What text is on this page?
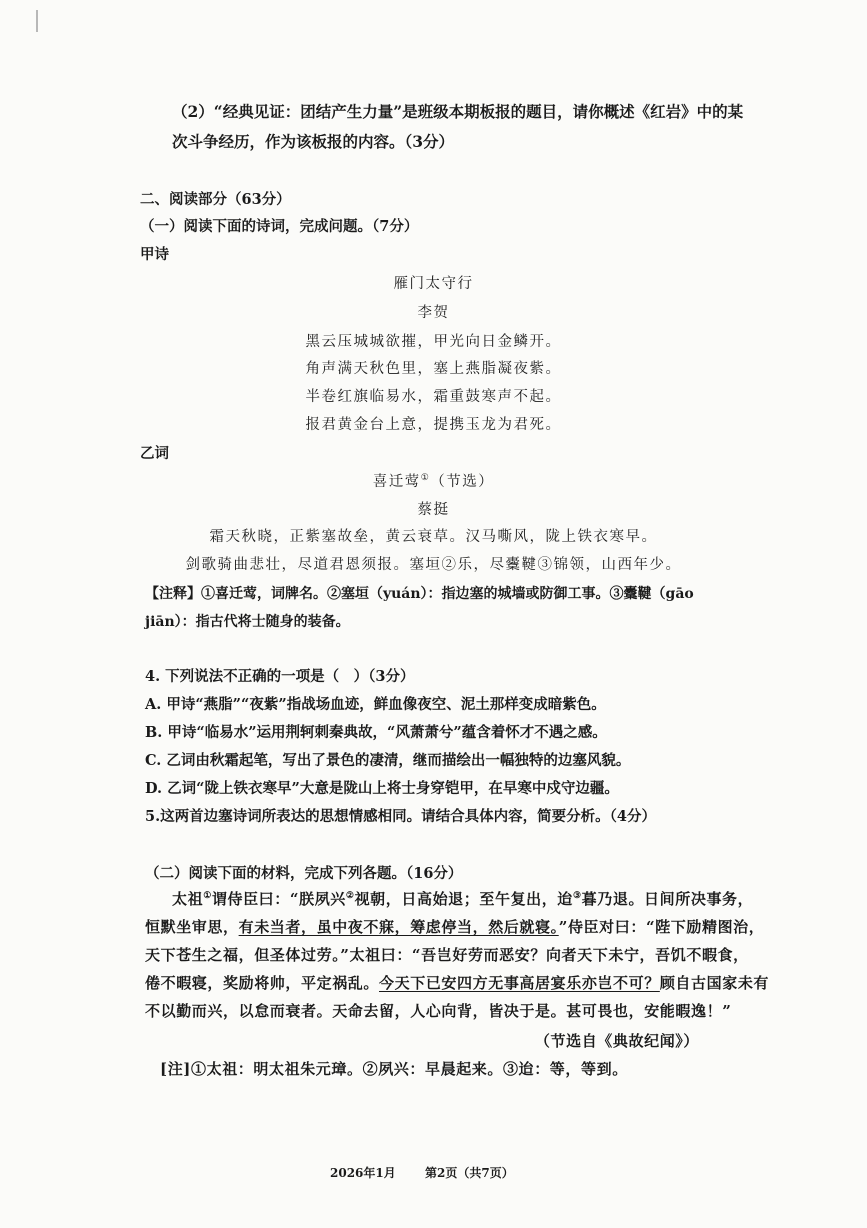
（2）“经典见证：团结产生力量”是班级本期板报的题目，请你概述《红岩》中的某
次斗争经历，作为该板报的内容。（3分）
二、阅读部分（63分）
（一）阅读下面的诗词，完成问题。（7分）
甲诗
雁门太守行
李贺
黑云压城城欲摧，甲光向日金鳞开。
角声满天秋色里，塞上燕脂凝夜紫。
半卷红旗临易水，霜重鼓寒声不起。
报君黄金台上意，提携玉龙为君死。
乙词
喜迁莺①（节选）
蔡挺
霜天秋晓，正紫塞故垒，黄云衰草。汉马嘶风，陇上铁衣寒早。
剑歌骑曲悲壮，尽道君恩须报。塞垣②乐，尽櫜鞬③锦领，山西年少。
【注释】①喜迁莺，词牌名。②塞垣（yuán）：指边塞的城墙或防御工事。③櫜鞬（gāo
jiān）：指古代将士随身的装备。
4. 下列说法不正确的一项是（　）（3分）
A. 甲诗“燕脂”“夜紫”指战场血迹，鲜血像夜空、泥土那样变成暗紫色。
B. 甲诗“临易水”运用荆轲刺秦典故，“风萧萧兮”蕴含着怀才不遇之感。
C. 乙词由秋霜起笔，写出了景色的凄清，继而描绘出一幅独特的边塞风貌。
D. 乙词“陇上铁衣寒早”大意是陇山上将士身穿铠甲，在早寒中戍守边疆。
5.这两首边塞诗词所表达的思想情感相同。请结合具体内容，简要分析。（4分）
（二）阅读下面的材料，完成下列各题。（16分）
太祖①谓侍臣曰：“朕夙兴②视朝，日高始退；至午复出，迨③暮乃退。日间所决事务，
恒默坐审思，有未当者，虽中夜不寐，筹虑停当，然后就寝。”侍臣对曰：“陛下励精图治，
天下苍生之福，但圣体过劳。”太祖曰：“吾岂好劳而恶安？向者天下未宁，吾饥不暇食，
倦不暇寝，奖励将帅，平定祸乱。今天下已安四方无事高居宴乐亦岂不可？顾自古国家未有
不以勤而兴，以怠而衰者。天命去留，人心向背，皆决于是。甚可畏也，安能暇逸！”
（节选自《典故纪闻》）
[注]①太祖：明太祖朱元璋。②夙兴：早晨起来。③迨：等，等到。
2026年1月 第2页（共7页）
